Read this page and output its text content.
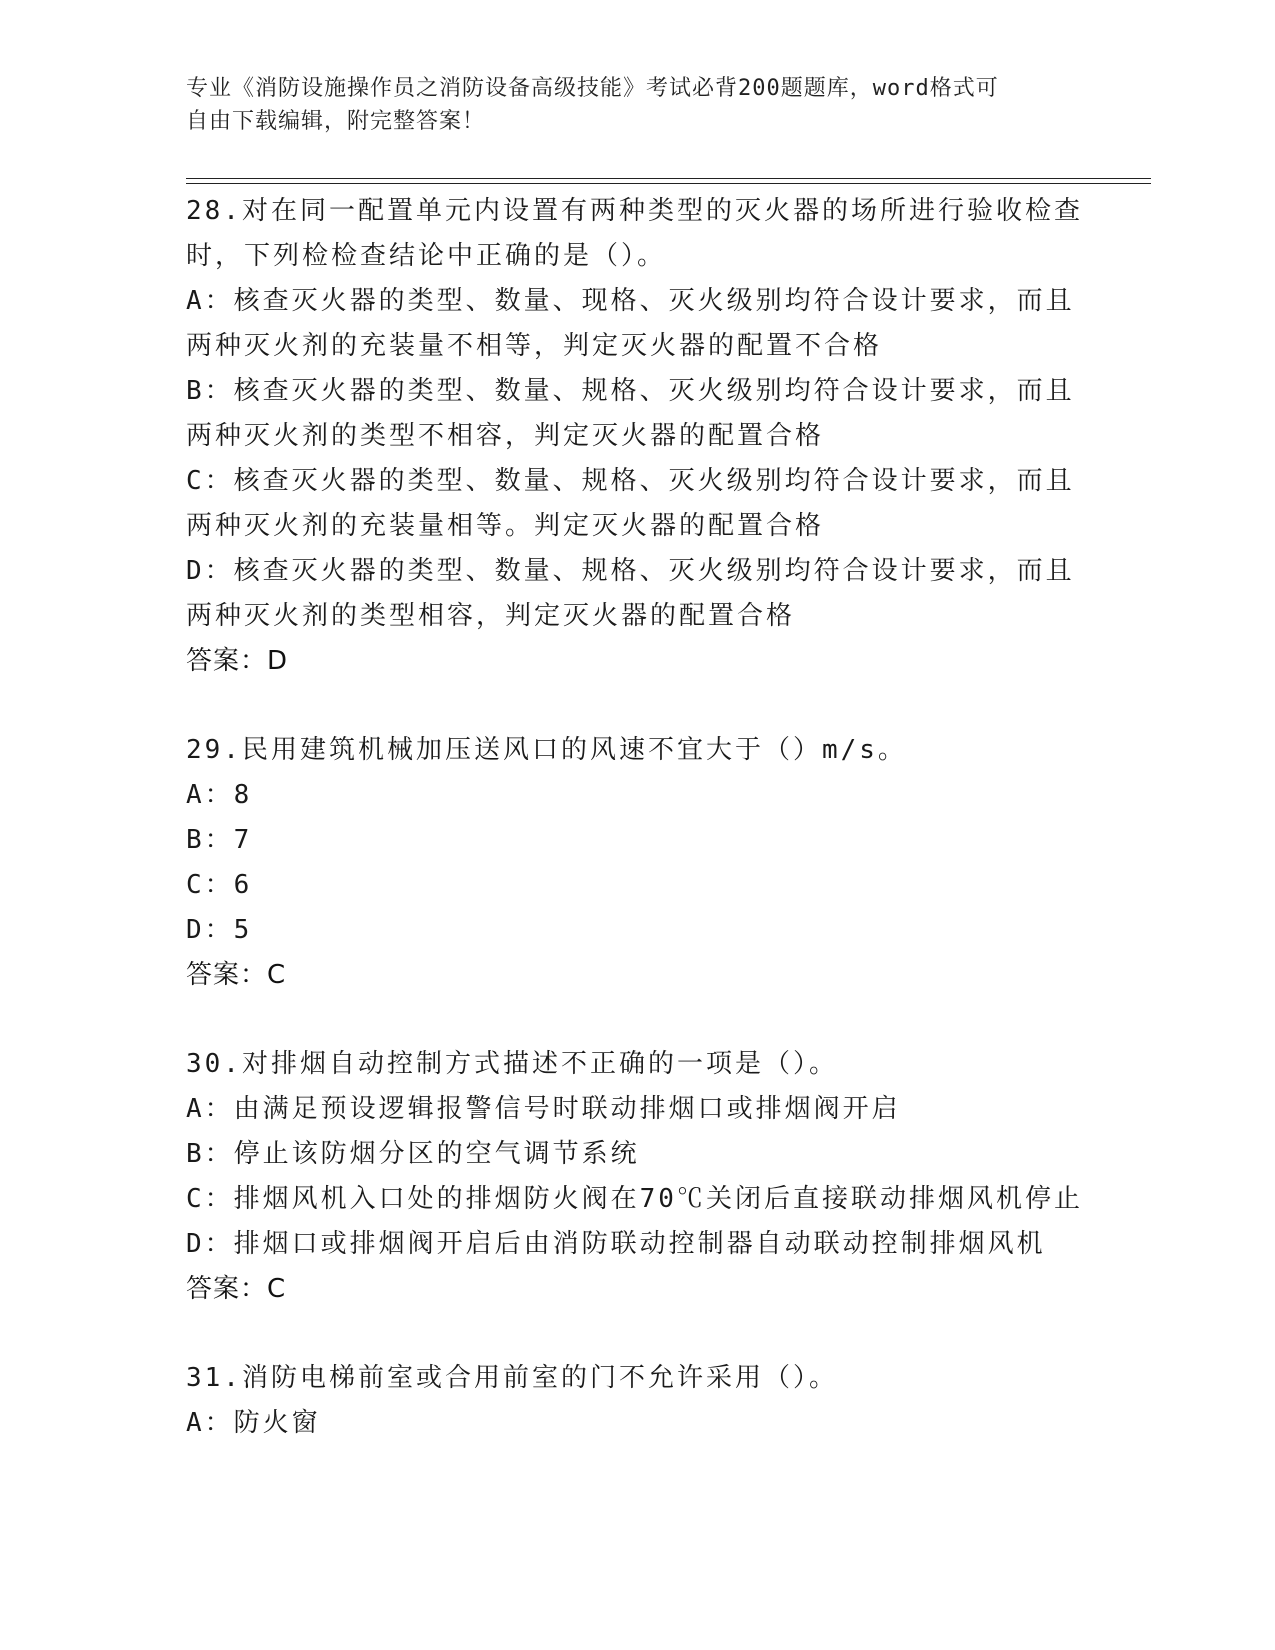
专业《消防设施操作员之消防设备高级技能》考试必背200题题库，word格式可
自由下载编辑，附完整答案！
28.对在同一配置单元内设置有两种类型的灭火器的场所进行验收检查
时，下列检检查结论中正确的是（）。
A：核查灭火器的类型、数量、现格、灭火级别均符合设计要求，而且
两种灭火剂的充装量不相等，判定灭火器的配置不合格
B：核查灭火器的类型、数量、规格、灭火级别均符合设计要求，而且
两种灭火剂的类型不相容，判定灭火器的配置合格
C：核查灭火器的类型、数量、规格、灭火级别均符合设计要求，而且
两种灭火剂的充装量相等。判定灭火器的配置合格
D：核查灭火器的类型、数量、规格、灭火级别均符合设计要求，而且
两种灭火剂的类型相容，判定灭火器的配置合格
答案：D
29.民用建筑机械加压送风口的风速不宜大于（）m/s。
A：8
B：7
C：6
D：5
答案：C
30.对排烟自动控制方式描述不正确的一项是（）。
A：由满足预设逻辑报警信号时联动排烟口或排烟阀开启
B：停止该防烟分区的空气调节系统
C：排烟风机入口处的排烟防火阀在70℃关闭后直接联动排烟风机停止
D：排烟口或排烟阀开启后由消防联动控制器自动联动控制排烟风机
答案：C
31.消防电梯前室或合用前室的门不允许采用（）。
A：防火窗
